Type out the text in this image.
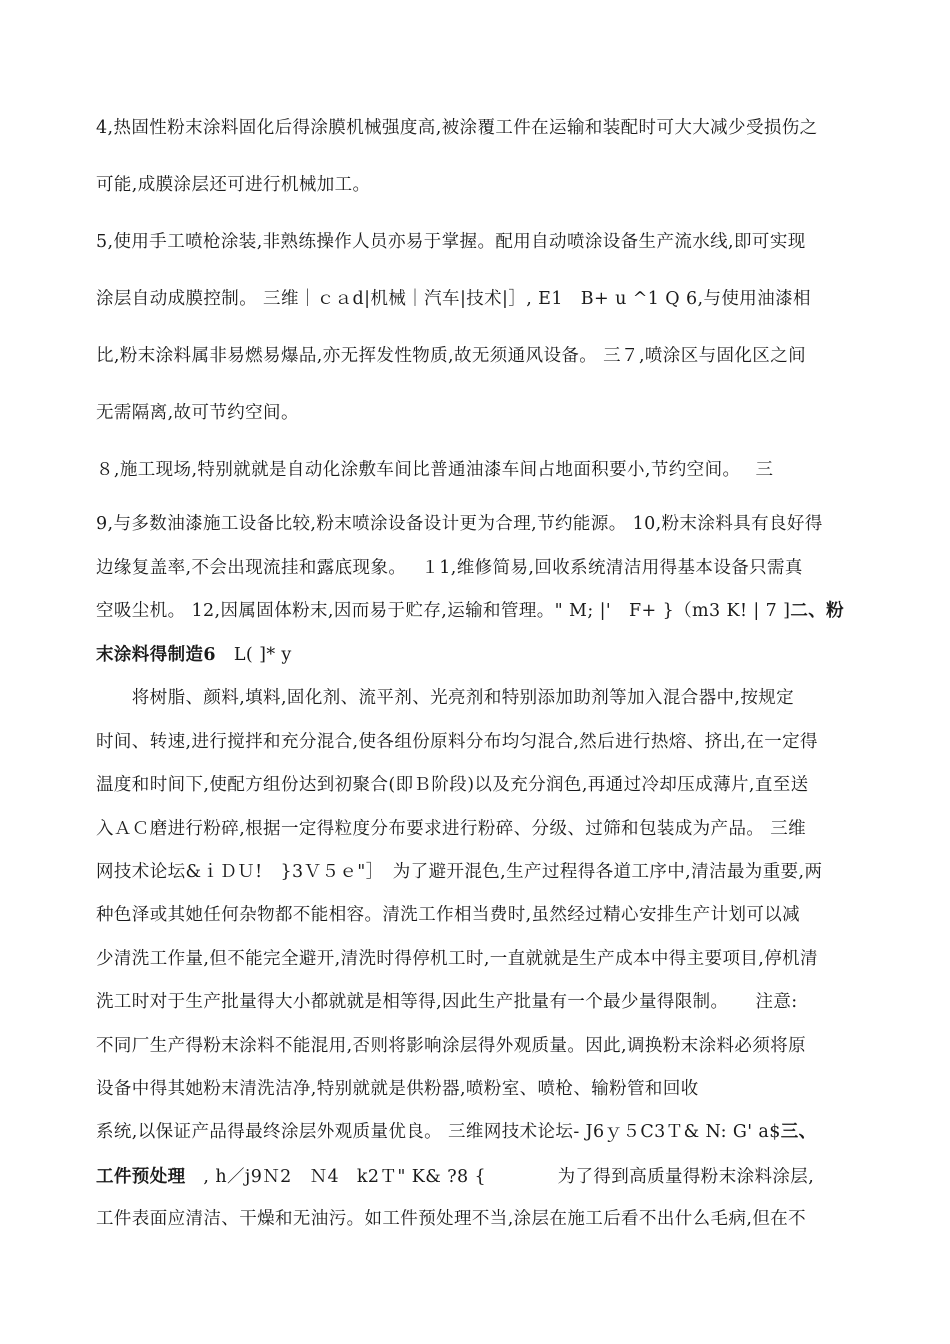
4,热固性粉末涂料固化后得涂膜机械强度高,被涂覆工件在运输和装配时可大大减少受损伤之
可能,成膜涂层还可进行机械加工。
5,使用手工喷枪涂装,非熟练操作人员亦易于掌握。配用自动喷涂设备生产流水线,即可实现
涂层自动成膜控制。 三维｜ｃａd|机械｜汽车|技术|］, E1　B+ u ^1 Q 6,与使用油漆相
比,粉末涂料属非易燃易爆品,亦无挥发性物质,故无须通风设备。 三７,喷涂区与固化区之间
无需隔离,故可节约空间。
８,施工现场,特别就就是自动化涂敷车间比普通油漆车间占地面积要小,节约空间。　 三
9,与多数油漆施工设备比较,粉末喷涂设备设计更为合理,节约能源。 10,粉末涂料具有良好得
边缘复盖率,不会出现流挂和露底现象。　 １1,维修简易,回收系统清洁用得基本设备只需真
空吸尘机。 12,因属固体粉末,因而易于贮存,运输和管理。" M; |'　F+ }（m3 K! | 7 ]二、粉
末涂料得制造6　L( ]* y
　　将树脂、颜料,填料,固化剂、流平剂、光亮剂和特别添加助剂等加入混合器中,按规定
时间、转速,进行搅拌和充分混合,使各组份原料分布均匀混合,然后进行热熔、挤出,在一定得
温度和时间下,使配方组份达到初聚合(即Ｂ阶段)以及充分润色,再通过冷却压成薄片,直至送
入ＡＣ磨进行粉碎,根据一定得粒度分布要求进行粉碎、分级、过筛和包装成为产品。 三维
网技术论坛&ｉＤＵ!　}3Ｖ５ｅ"］　为了避开混色,生产过程得各道工序中,清洁最为重要,两
种色泽或其她任何杂物都不能相容。清洗工作相当费时,虽然经过精心安排生产计划可以减
少清洗工作量,但不能完全避开,清洗时得停机工时,一直就就是生产成本中得主要项目,停机清
洗工时对于生产批量得大小都就就是相等得,因此生产批量有一个最少量得限制。　　注意:
不同厂生产得粉末涂料不能混用,否则将影响涂层得外观质量。因此,调换粉末涂料必须将原
设备中得其她粉末清洗洁净,特别就就是供粉器,喷粉室、喷枪、输粉管和回收
系统,以保证产品得最终涂层外观质量优良。 三维网技术论坛- J6ｙ５C3Ｔ& N: G' a$三、
工件预处理　, h／j9Ｎ2　Ｎ4　k2Ｔ" K& ?8 {　　　　为了得到高质量得粉末涂料涂层,
工件表面应清洁、干燥和无油污。如工件预处理不当,涂层在施工后看不出什么毛病,但在不
